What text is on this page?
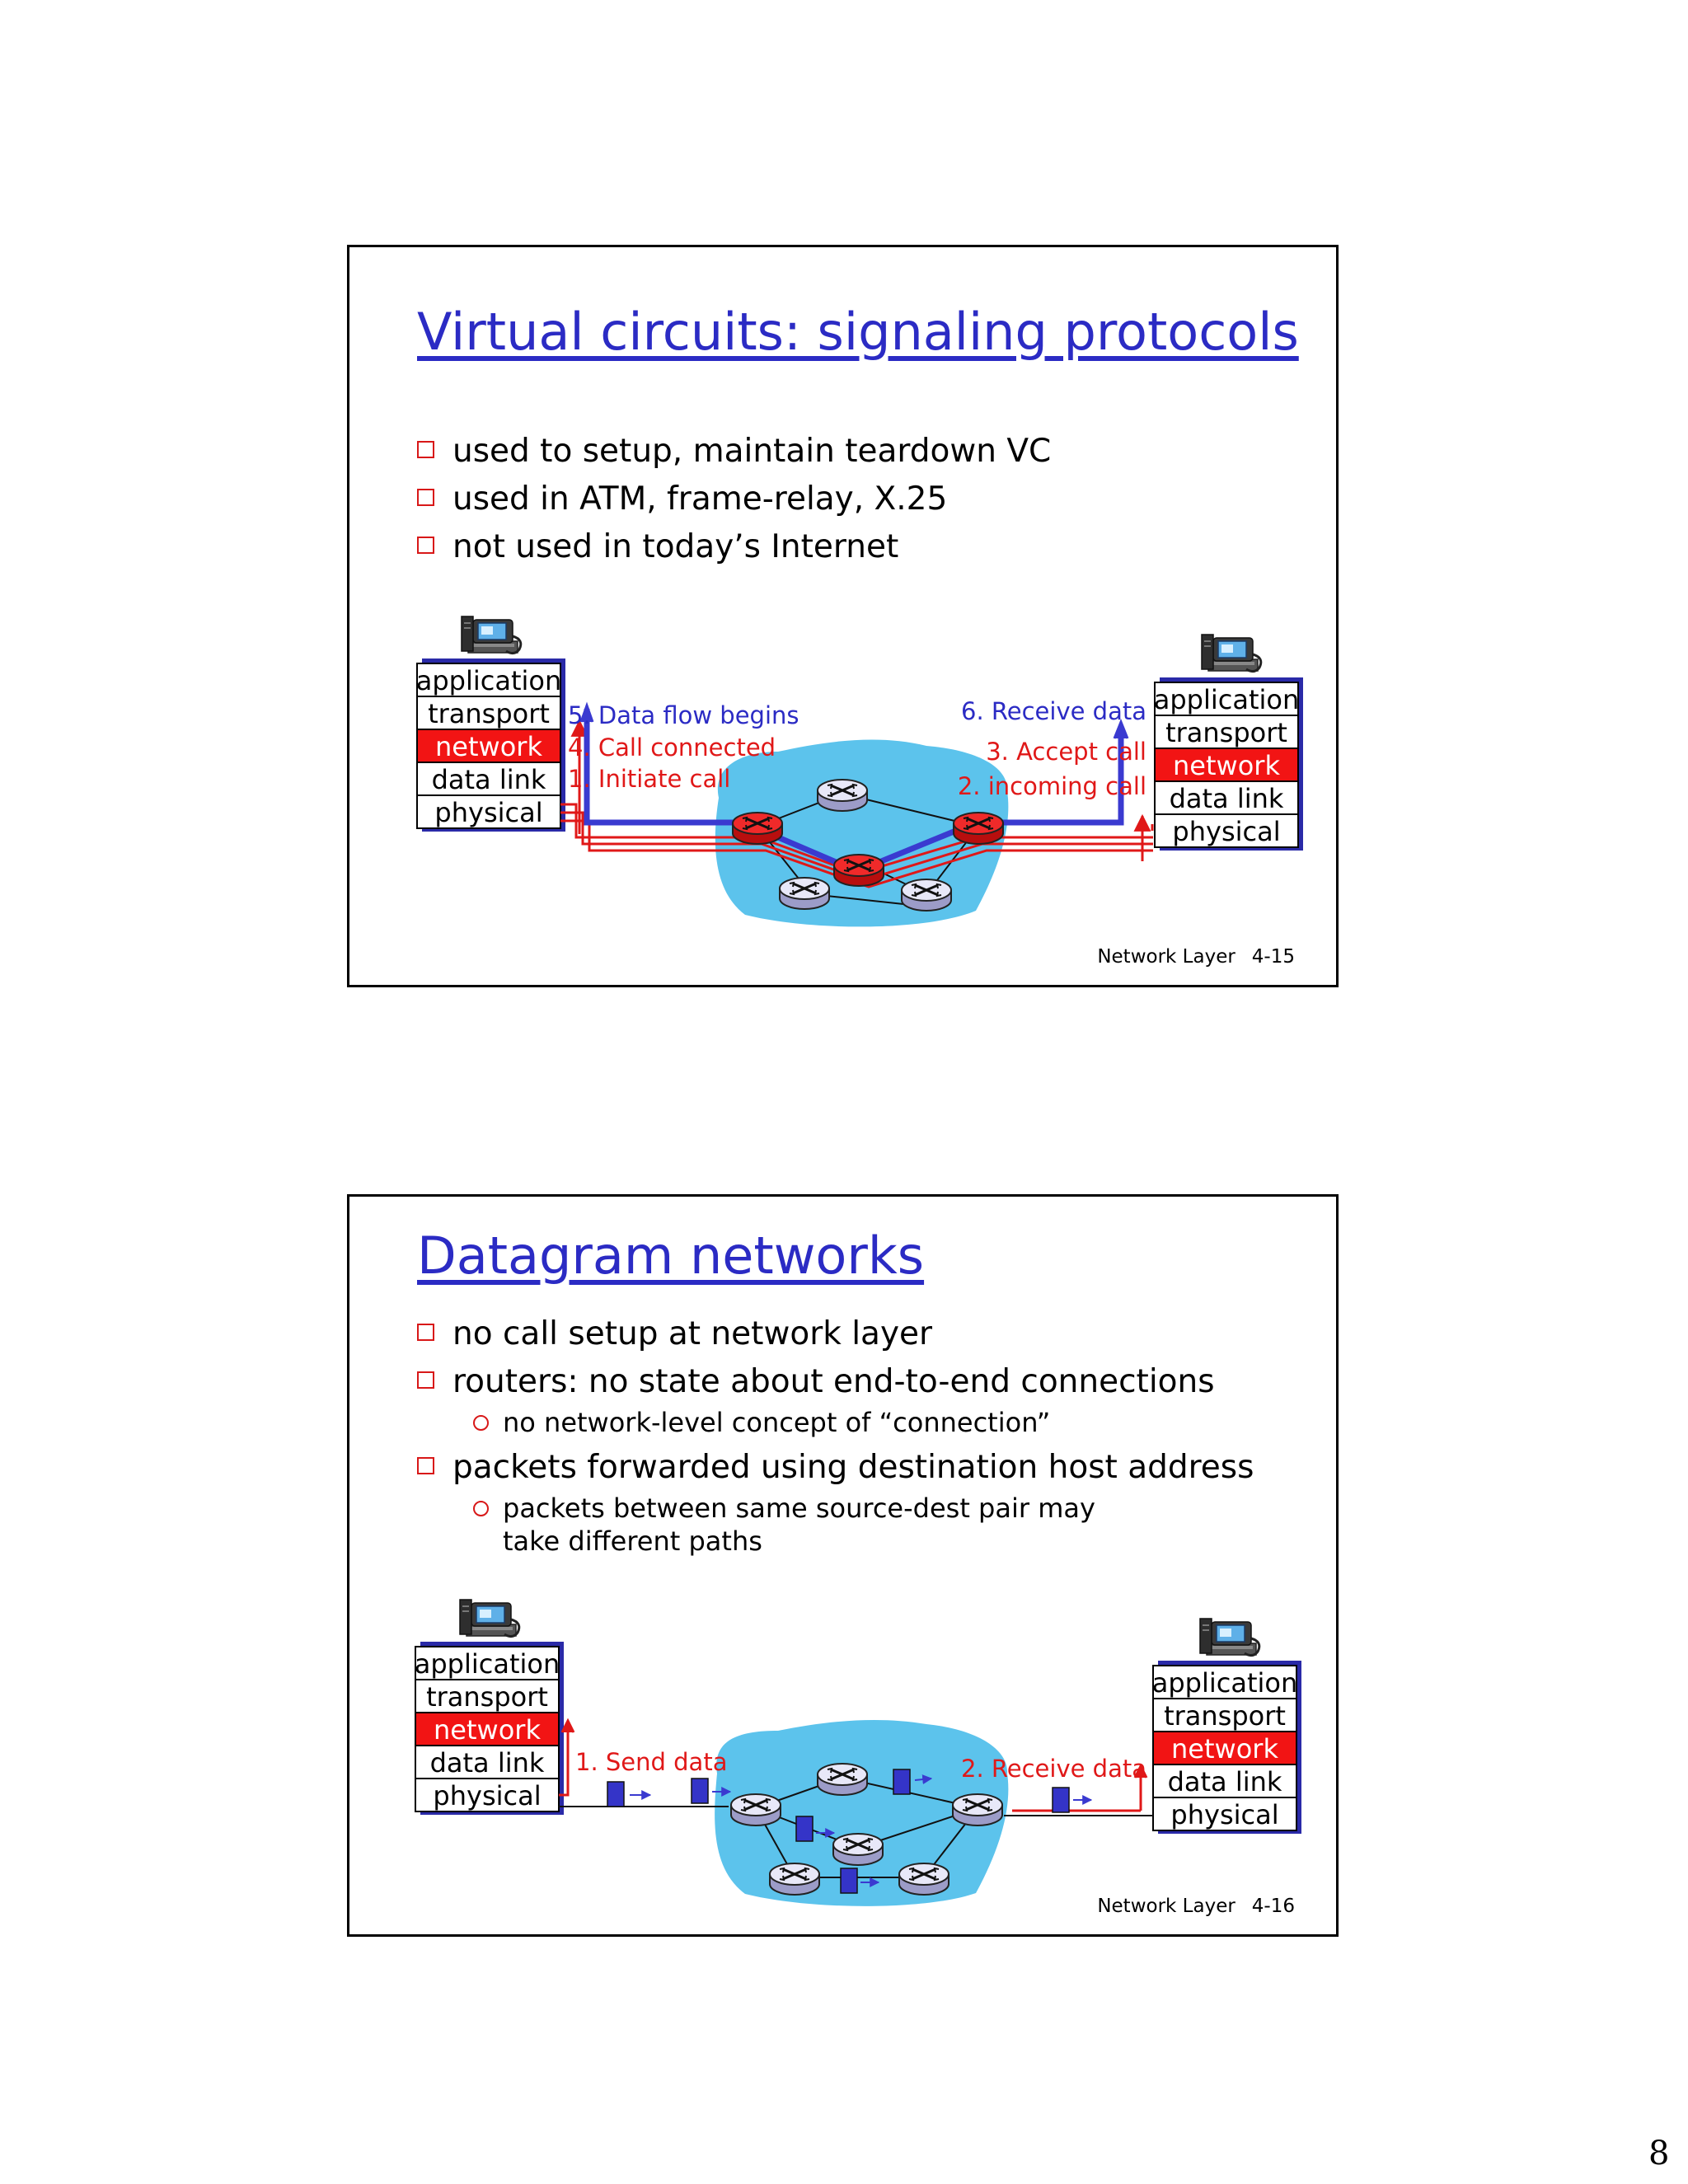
Virtual circuits: signaling protocols
used to setup, maintain teardown VC
used in ATM, frame-relay, X.25
not used in today’s Internet
application
transport
network
data link
physical
application
transport
network
data link
physical
5. Data flow begins
4. Call connected
1. Initiate call
6. Receive data
3. Accept call
2. incoming call
Network Layer 4-15
Datagram networks
no call setup at network layer
routers: no state about end-to-end connections
no network-level concept of “connection”
packets forwarded using destination host address
packets between same source-dest pair may take different paths
application
transport
network
data link
physical
application
transport
network
data link
physical
1. Send data	2. Receive data
Network Layer 4-16
8
